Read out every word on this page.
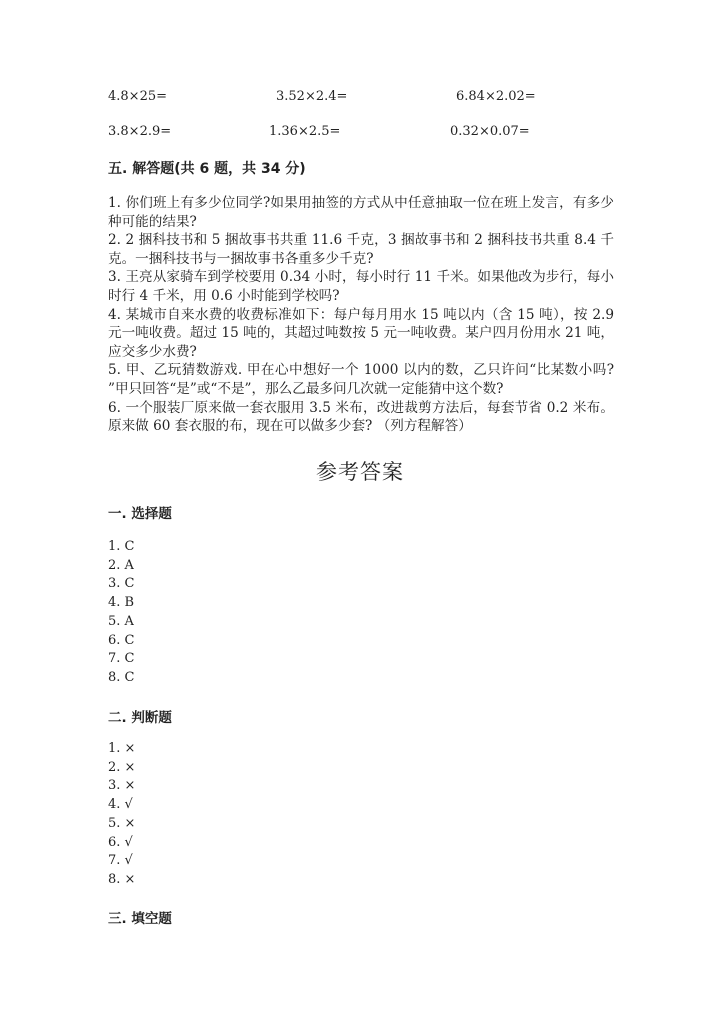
4.8×25=	3.52×2.4=	6.84×2.02=
3.8×2.9=	1.36×2.5=	0.32×0.07=
五. 解答题(共 6 题，共 34 分)

1. 你们班上有多少位同学?如果用抽签的方式从中任意抽取一位在班上发言，有多少种可能的结果?

2. 2 捆科技书和 5 捆故事书共重 11.6 千克，3 捆故事书和 2 捆科技书共重 8.4 千克。一捆科技书与一捆故事书各重多少千克?

3. 王亮从家骑车到学校要用 0.34 小时，每小时行 11 千米。如果他改为步行，每小时行 4 千米，用 0.6 小时能到学校吗?

4. 某城市自来水费的收费标准如下：每户每月用水 15 吨以内（含 15 吨），按 2.9 元一吨收费。超过 15 吨的，其超过吨数按 5 元一吨收费。某户四月份用水 21 吨，应交多少水费?

5. 甲、乙玩猜数游戏. 甲在心中想好一个 1000 以内的数，乙只许问“比某数小吗? ”甲只回答“是”或“不是”，那么乙最多问几次就一定能猜中这个数?

6. 一个服装厂原来做一套衣服用 3.5 米布，改进裁剪方法后，每套节省 0.2 米布。原来做 60 套衣服的布，现在可以做多少套? （列方程解答）

参考答案
一. 选择题
1. C
2. A
3. C
4. B
5. A
6. C
7. C
8. C
二. 判断题
1. ×
2. ×
3. ×
4. √
5. ×
6. √
7. √
8. ×
三. 填空题
